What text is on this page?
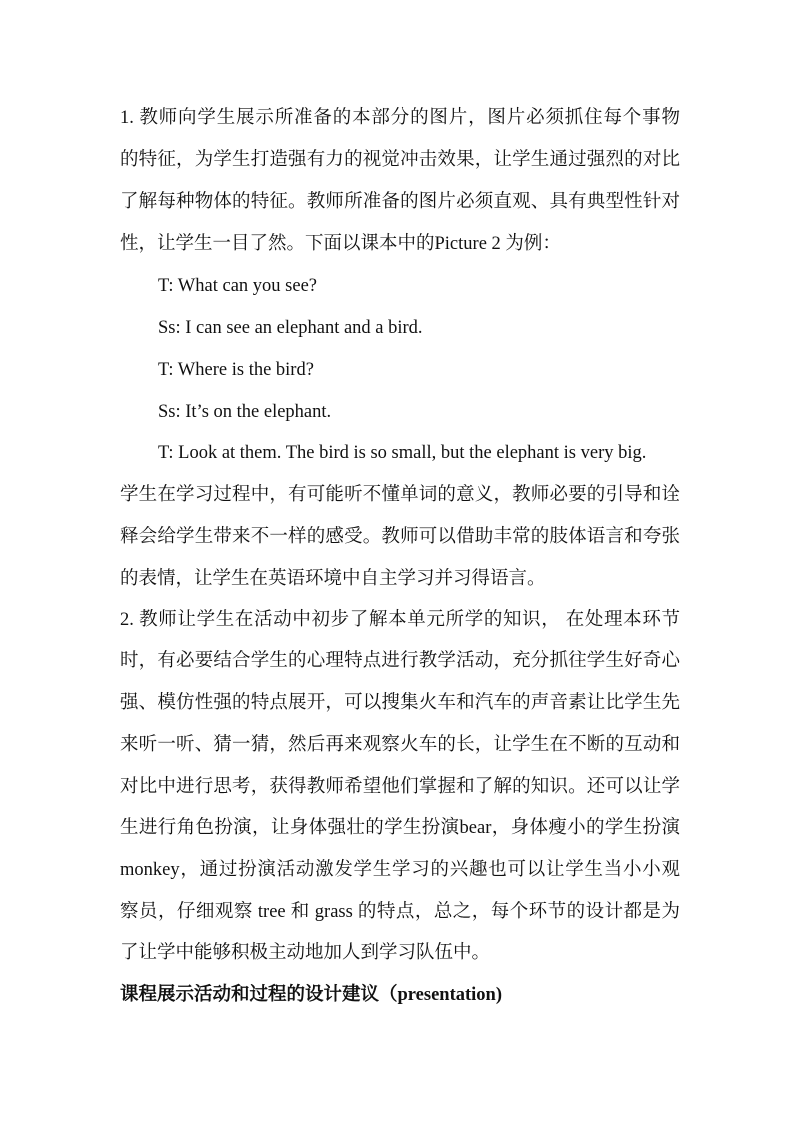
1. 教师向学生展示所准备的本部分的图片，图片必须抓住每个事物
的特征，为学生打造强有力的视觉冲击效果，让学生通过强烈的对比
了解每种物体的特征。教师所准备的图片必须直观、具有典型性针对
性，让学生一目了然。下面以课本中的Picture 2 为例：
T: What can you see?
Ss: I can see an elephant and a bird.
T: Where is the bird?
Ss: It’s on the elephant.
T: Look at them. The bird is so small, but the elephant is very big.
学生在学习过程中，有可能听不懂单词的意义，教师必要的引导和诠
释会给学生带来不一样的感受。教师可以借助丰常的肢体语言和夸张
的表情，让学生在英语环境中自主学习并习得语言。
2. 教师让学生在活动中初步了解本单元所学的知识， 在处理本环节
时，有必要结合学生的心理特点进行教学活动，充分抓往学生好奇心
强、模仿性强的特点展开，可以搜集火车和汽车的声音素让比学生先
来听一听、猜一猜，然后再来观察火车的长，让学生在不断的互动和
对比中进行思考，获得教师希望他们掌握和了解的知识。还可以让学
生进行角色扮演，让身体强壮的学生扮演bear，身体瘦小的学生扮演
monkey，通过扮演活动激发学生学习的兴趣也可以让学生当小小观
察员，仔细观察 tree 和 grass 的特点，总之，每个环节的设计都是为
了让学中能够积极主动地加人到学习队伍中。
课程展示活动和过程的设计建议（presentation)
